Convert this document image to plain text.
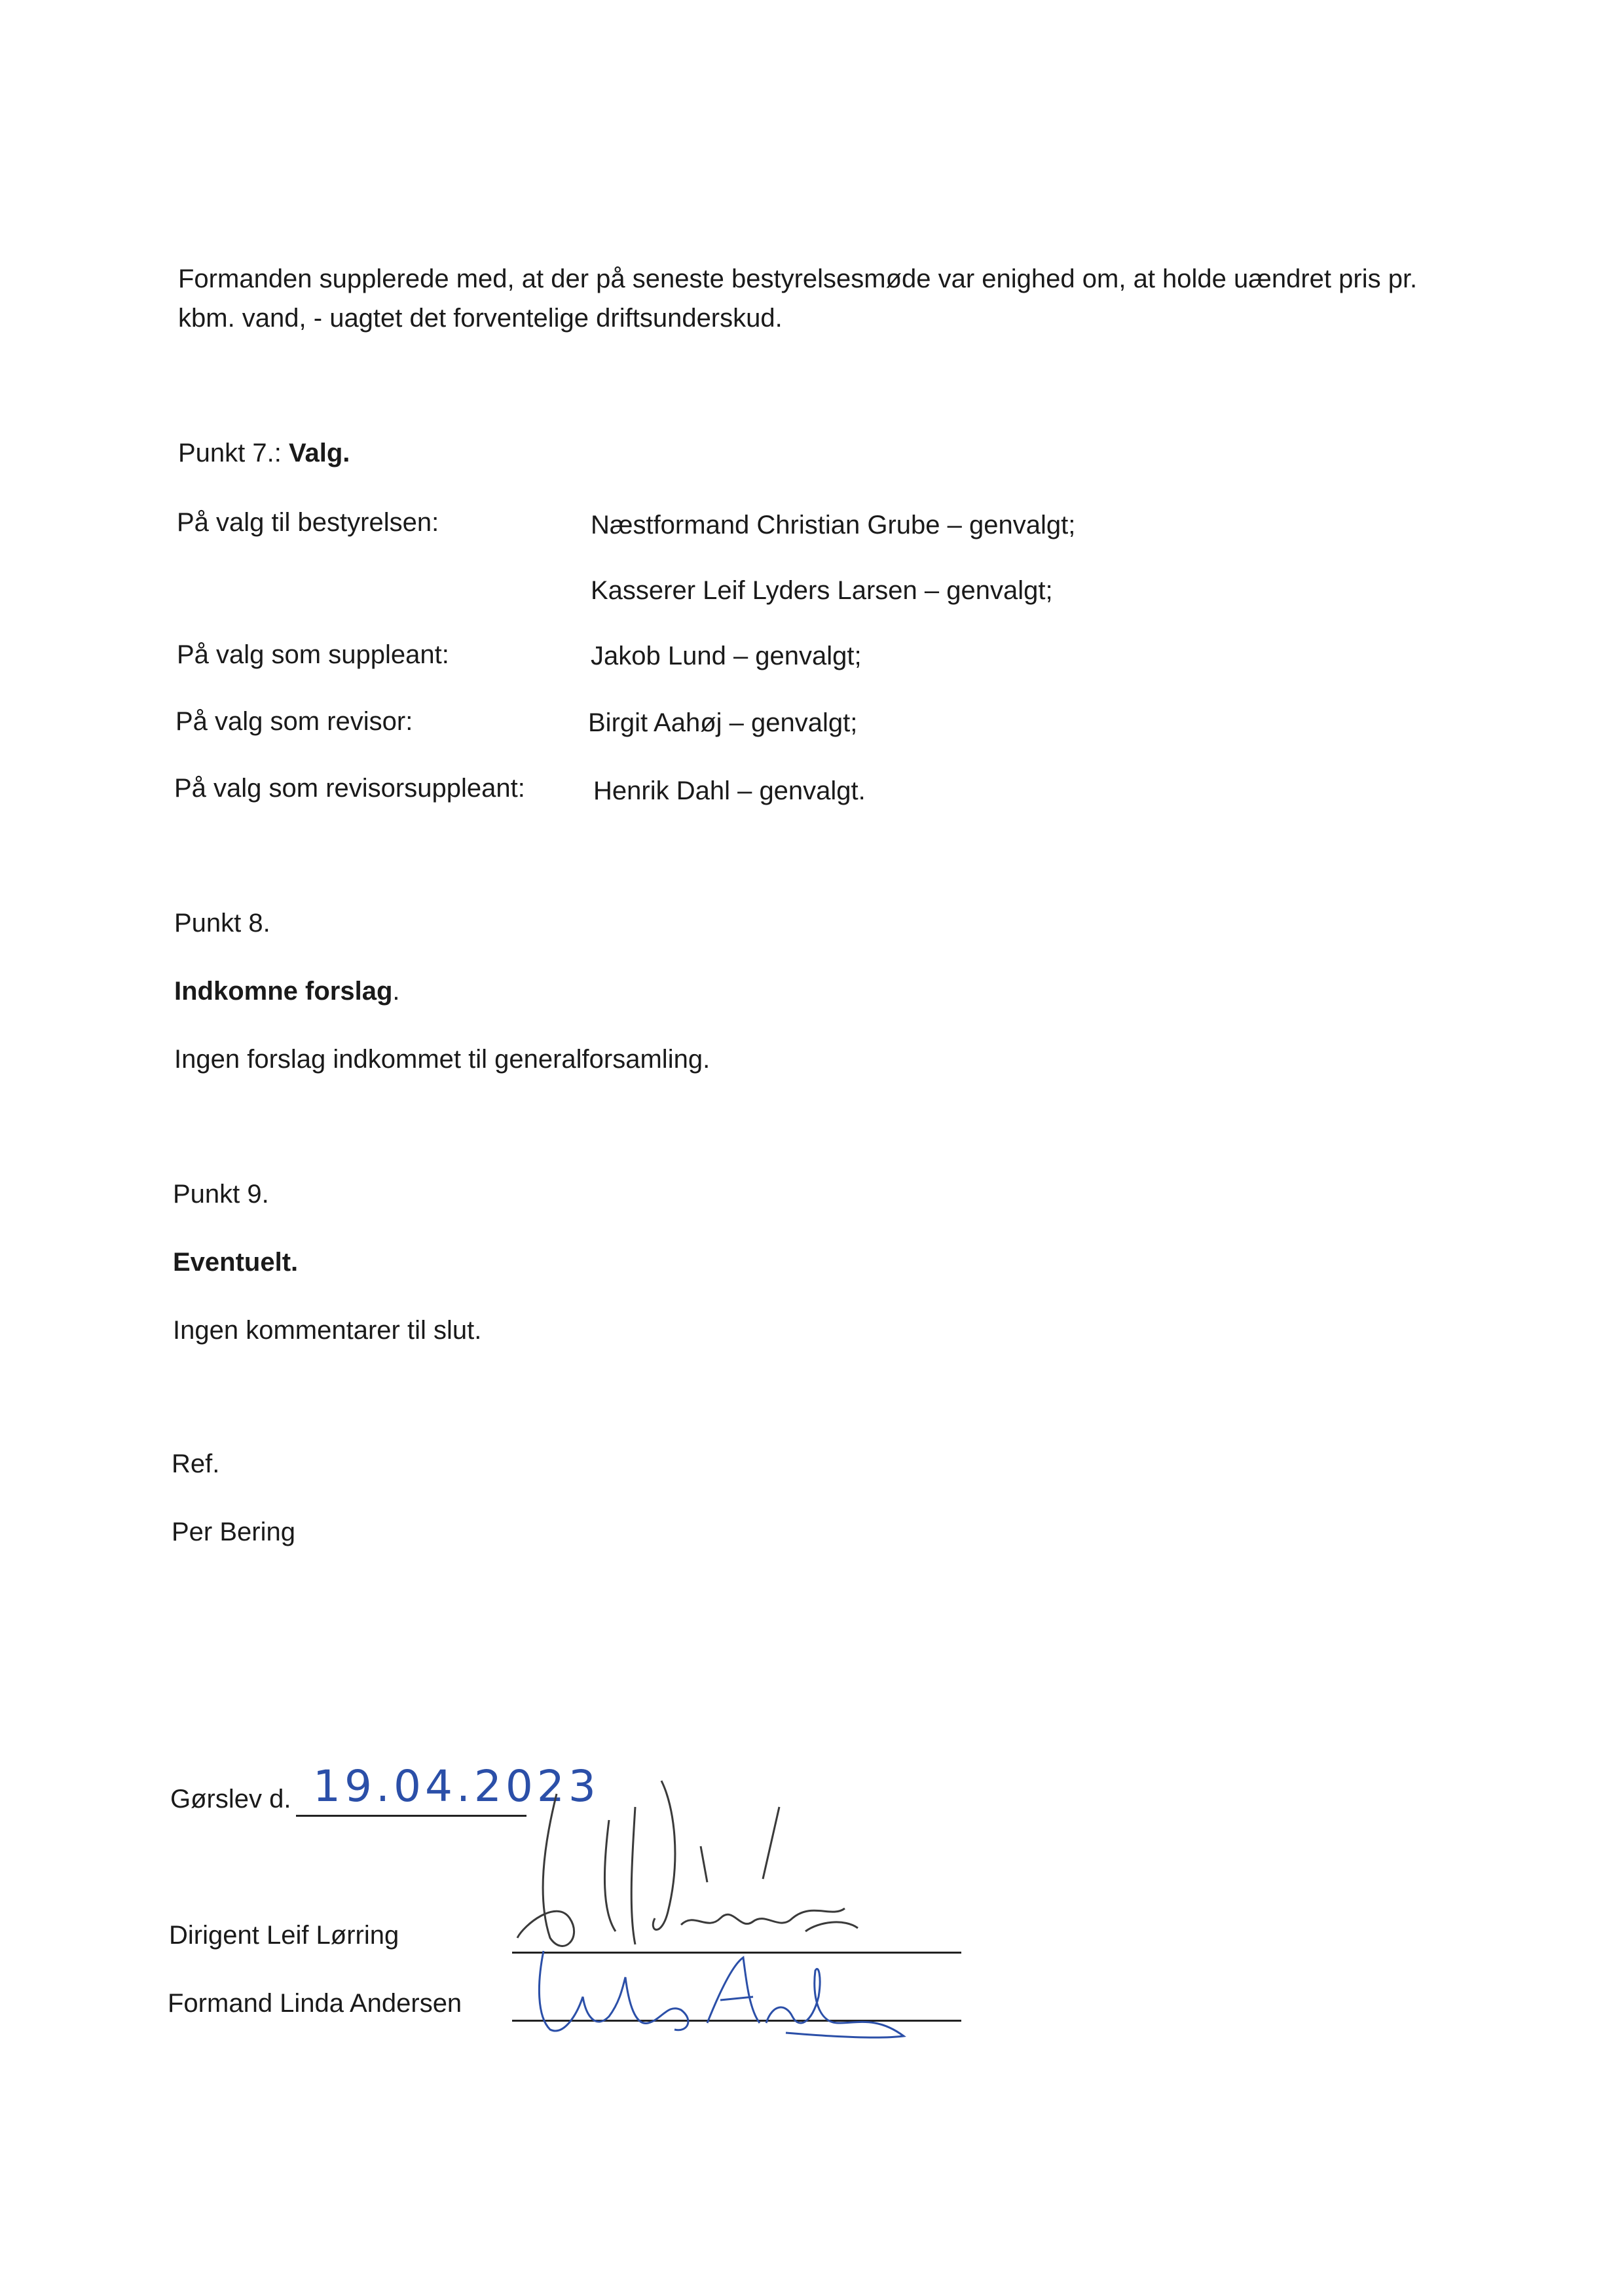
Formanden supplerede med, at der på seneste bestyrelsesmøde var enighed om, at holde uændret pris pr.
kbm. vand, - uagtet det forventelige driftsunderskud.
Punkt 7.: Valg.
På valg til bestyrelsen:	Næstformand Christian Grube – genvalgt;
Kasserer Leif Lyders Larsen – genvalgt;
På valg som suppleant:	Jakob Lund – genvalgt;
På valg som revisor:	Birgit Aahøj – genvalgt;
På valg som revisorsuppleant:	Henrik Dahl – genvalgt.
Punkt 8.
Indkomne forslag.
Ingen forslag indkommet til generalforsamling.
Punkt 9.
Eventuelt.
Ingen kommentarer til slut.
Ref.
Per Bering
Gørslev d. 19.04.2023
Dirigent Leif Lørring
Formand Linda Andersen
